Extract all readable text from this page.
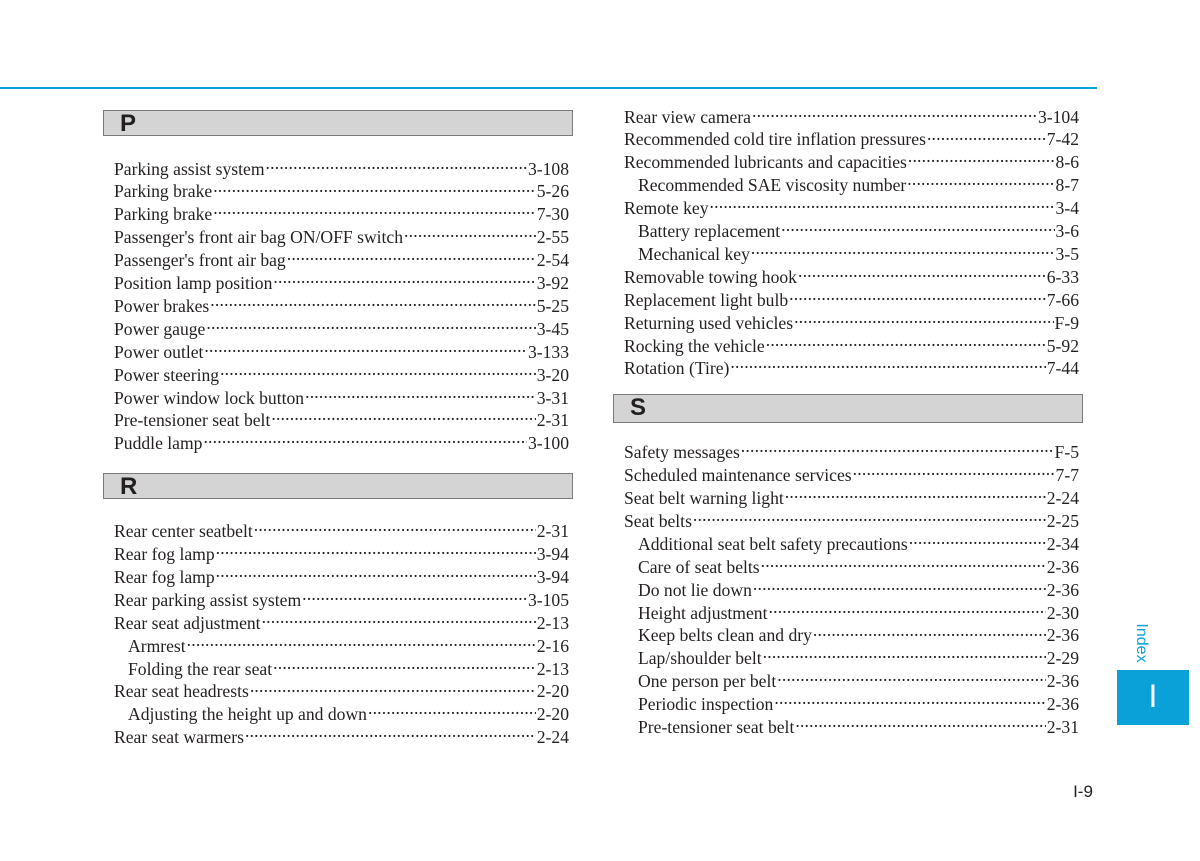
P
Parking assist system .....	3-108
Parking brake .....	5-26
Parking brake .....	7-30
Passenger's front air bag ON/OFF switch .....	2-55
Passenger's front air bag .....	2-54
Position lamp position .....	3-92
Power brakes .....	5-25
Power gauge .....	3-45
Power outlet .....	3-133
Power steering .....	3-20
Power window lock button .....	3-31
Pre-tensioner seat belt .....	2-31
Puddle lamp .....	3-100
R
Rear center seatbelt .....	2-31
Rear fog lamp .....	3-94
Rear fog lamp .....	3-94
Rear parking assist system .....	3-105
Rear seat adjustment .....	2-13
Armrest .....	2-16
Folding the rear seat .....	2-13
Rear seat headrests .....	2-20
Adjusting the height up and down .....	2-20
Rear seat warmers .....	2-24
Rear view camera .....	3-104
Recommended cold tire inflation pressures .....	7-42
Recommended lubricants and capacities .....	8-6
Recommended SAE viscosity number .....	8-7
Remote key .....	3-4
Battery replacement .....	3-6
Mechanical key .....	3-5
Removable towing hook .....	6-33
Replacement light bulb .....	7-66
Returning used vehicles .....	F-9
Rocking the vehicle .....	5-92
Rotation (Tire) .....	7-44
S
Safety messages .....	F-5
Scheduled maintenance services .....	7-7
Seat belt warning light .....	2-24
Seat belts .....	2-25
Additional seat belt safety precautions .....	2-34
Care of seat belts .....	2-36
Do not lie down .....	2-36
Height adjustment .....	2-30
Keep belts clean and dry .....	2-36
Lap/shoulder belt .....	2-29
One person per belt .....	2-36
Periodic inspection .....	2-36
Pre-tensioner seat belt .....	2-31
Index
I
I-9
